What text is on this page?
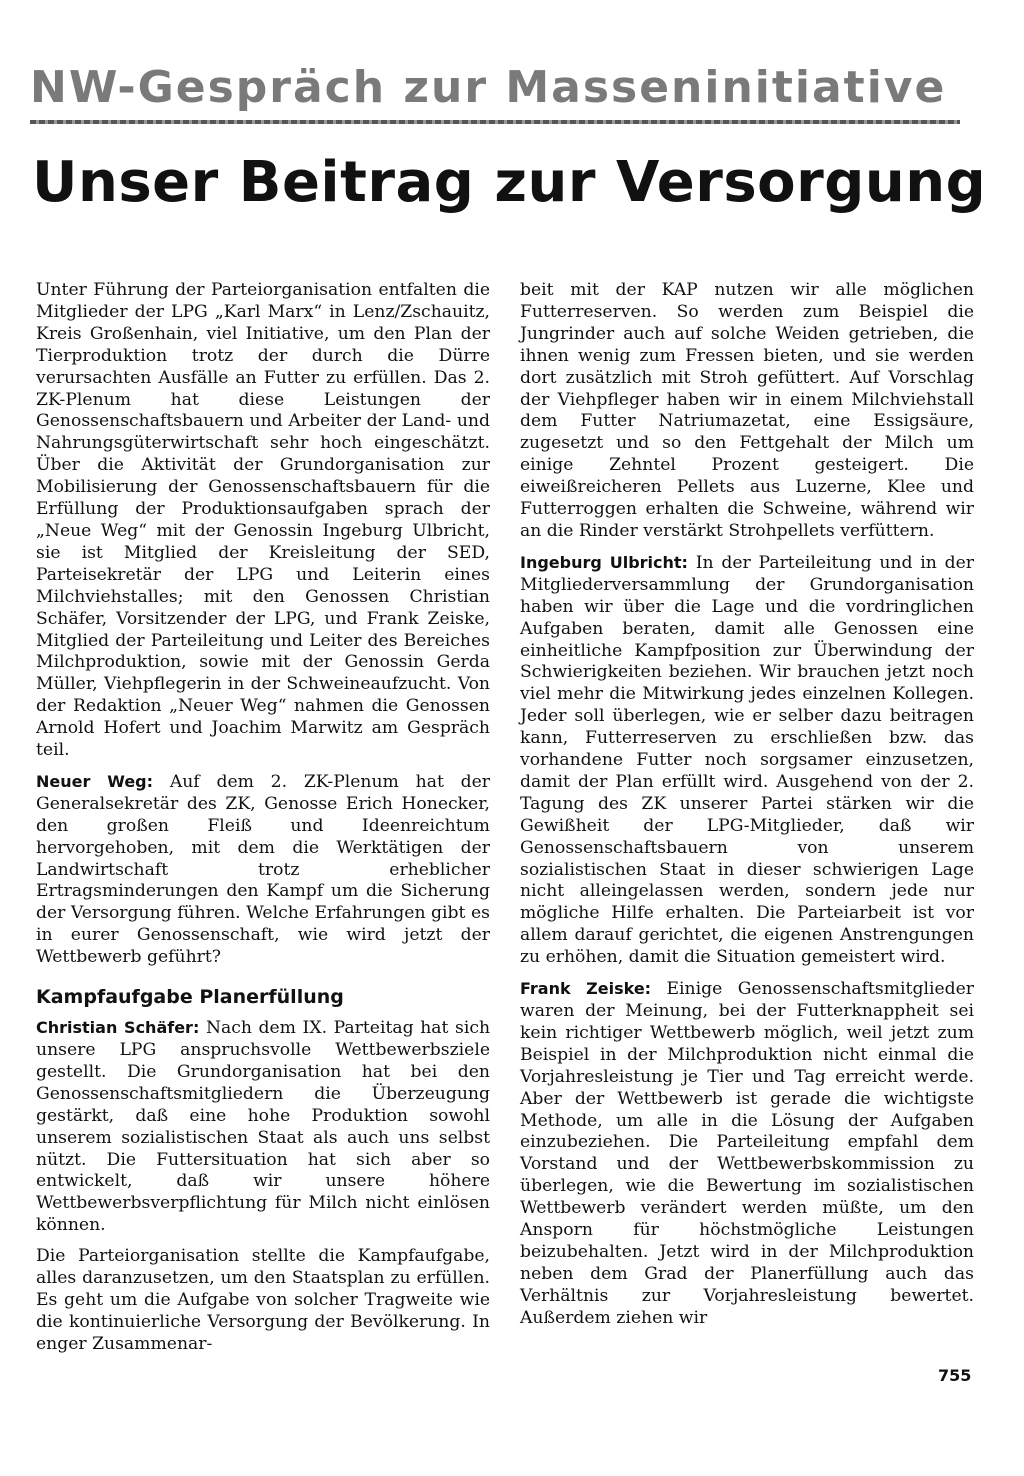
NW-Gespräch zur Masseninitiative
Unser Beitrag zur Versorgung

Unter Führung der Parteiorganisation entfalten die Mitglieder der LPG „Karl Marx“ in Lenz/Zschauitz, Kreis Großenhain, viel Initiative, um den Plan der Tierproduktion trotz der durch die Dürre verursachten Ausfälle an Futter zu erfüllen. Das 2. ZK-Plenum hat diese Leistungen der Genossenschaftsbauern und Arbeiter der Land- und Nahrungsgüterwirtschaft sehr hoch eingeschätzt. Über die Aktivität der Grundorganisation zur Mobilisierung der Genossenschaftsbauern für die Erfüllung der Produktionsaufgaben sprach der „Neue Weg“ mit der Genossin Ingeburg Ulbricht, sie ist Mitglied der Kreisleitung der SED, Parteisekretär der LPG und Leiterin eines Milchviehstalles; mit den Genossen Christian Schäfer, Vorsitzender der LPG, und Frank Zeiske, Mitglied der Parteileitung und Leiter des Bereiches Milchproduktion, sowie mit der Genossin Gerda Müller, Viehpflegerin in der Schweineaufzucht. Von der Redaktion „Neuer Weg“ nahmen die Genossen Arnold Hofert und Joachim Marwitz am Gespräch teil.

Neuer Weg: Auf dem 2. ZK-Plenum hat der Generalsekretär des ZK, Genosse Erich Honecker, den großen Fleiß und Ideenreichtum hervorgehoben, mit dem die Werktätigen der Landwirtschaft trotz erheblicher Ertragsminderungen den Kampf um die Sicherung der Versorgung führen. Welche Erfahrungen gibt es in eurer Genossenschaft, wie wird jetzt der Wettbewerb geführt?

Kampfaufgabe Planerfüllung

Christian Schäfer: Nach dem IX. Parteitag hat sich unsere LPG anspruchsvolle Wettbewerbsziele gestellt. Die Grundorganisation hat bei den Genossenschaftsmitgliedern die Überzeugung gestärkt, daß eine hohe Produktion sowohl unserem sozialistischen Staat als auch uns selbst nützt. Die Futtersituation hat sich aber so entwickelt, daß wir unsere höhere Wettbewerbsverpflichtung für Milch nicht einlösen können.

Die Parteiorganisation stellte die Kampfaufgabe, alles daranzusetzen, um den Staatsplan zu erfüllen. Es geht um die Aufgabe von solcher Tragweite wie die kontinuierliche Versorgung der Bevölkerung. In enger Zusammenar-

beit mit der KAP nutzen wir alle möglichen Futterreserven. So werden zum Beispiel die Jungrinder auch auf solche Weiden getrieben, die ihnen wenig zum Fressen bieten, und sie werden dort zusätzlich mit Stroh gefüttert. Auf Vorschlag der Viehpfleger haben wir in einem Milchviehstall dem Futter Natriumazetat, eine Essigsäure, zugesetzt und so den Fettgehalt der Milch um einige Zehntel Prozent gesteigert. Die eiweißreicheren Pellets aus Luzerne, Klee und Futterroggen erhalten die Schweine, während wir an die Rinder verstärkt Strohpellets verfüttern.

Ingeburg Ulbricht: In der Parteileitung und in der Mitgliederversammlung der Grundorganisation haben wir über die Lage und die vordringlichen Aufgaben beraten, damit alle Genossen eine einheitliche Kampfposition zur Überwindung der Schwierigkeiten beziehen. Wir brauchen jetzt noch viel mehr die Mitwirkung jedes einzelnen Kollegen. Jeder soll überlegen, wie er selber dazu beitragen kann, Futterreserven zu erschließen bzw. das vorhandene Futter noch sorgsamer einzusetzen, damit der Plan erfüllt wird. Ausgehend von der 2. Tagung des ZK unserer Partei stärken wir die Gewißheit der LPG-Mitglieder, daß wir Genossenschaftsbauern von unserem sozialistischen Staat in dieser schwierigen Lage nicht alleingelassen werden, sondern jede nur mögliche Hilfe erhalten. Die Parteiarbeit ist vor allem darauf gerichtet, die eigenen Anstrengungen zu erhöhen, damit die Situation gemeistert wird.

Frank Zeiske: Einige Genossenschaftsmitglieder waren der Meinung, bei der Futterknappheit sei kein richtiger Wettbewerb möglich, weil jetzt zum Beispiel in der Milchproduktion nicht einmal die Vorjahresleistung je Tier und Tag erreicht werde. Aber der Wettbewerb ist gerade die wichtigste Methode, um alle in die Lösung der Aufgaben einzubeziehen. Die Parteileitung empfahl dem Vorstand und der Wettbewerbskommission zu überlegen, wie die Bewertung im sozialistischen Wettbewerb verändert werden müßte, um den Ansporn für höchstmögliche Leistungen beizubehalten. Jetzt wird in der Milchproduktion neben dem Grad der Planerfüllung auch das Verhältnis zur Vorjahresleistung bewertet. Außerdem ziehen wir

755
